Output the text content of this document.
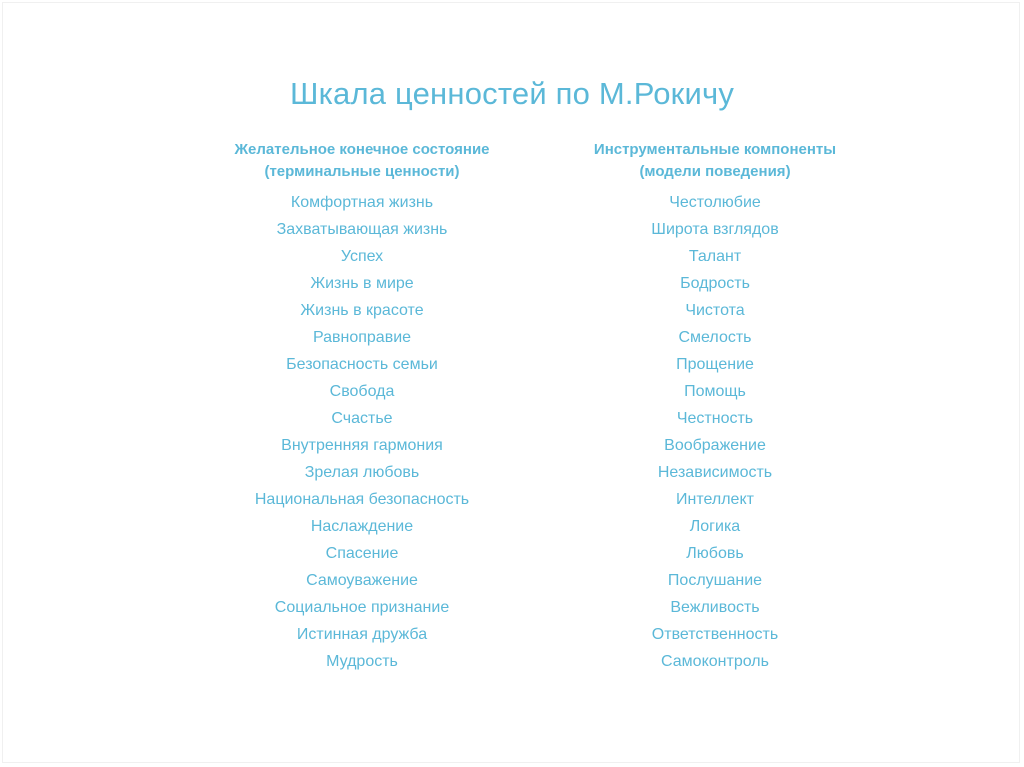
Шкала ценностей по М.Рокичу
Желательное конечное состояние
(терминальные ценности)
Комфортная жизнь
Захватывающая жизнь
Успех
Жизнь в мире
Жизнь в красоте
Равноправие
Безопасность семьи
Свобода
Счастье
Внутренняя гармония
Зрелая любовь
Национальная безопасность
Наслаждение
Спасение
Самоуважение
Социальное признание
Истинная дружба
Мудрость
Инструментальные компоненты
(модели поведения)
Честолюбие
Широта взглядов
Талант
Бодрость
Чистота
Смелость
Прощение
Помощь
Честность
Воображение
Независимость
Интеллект
Логика
Любовь
Послушание
Вежливость
Ответственность
Самоконтроль
